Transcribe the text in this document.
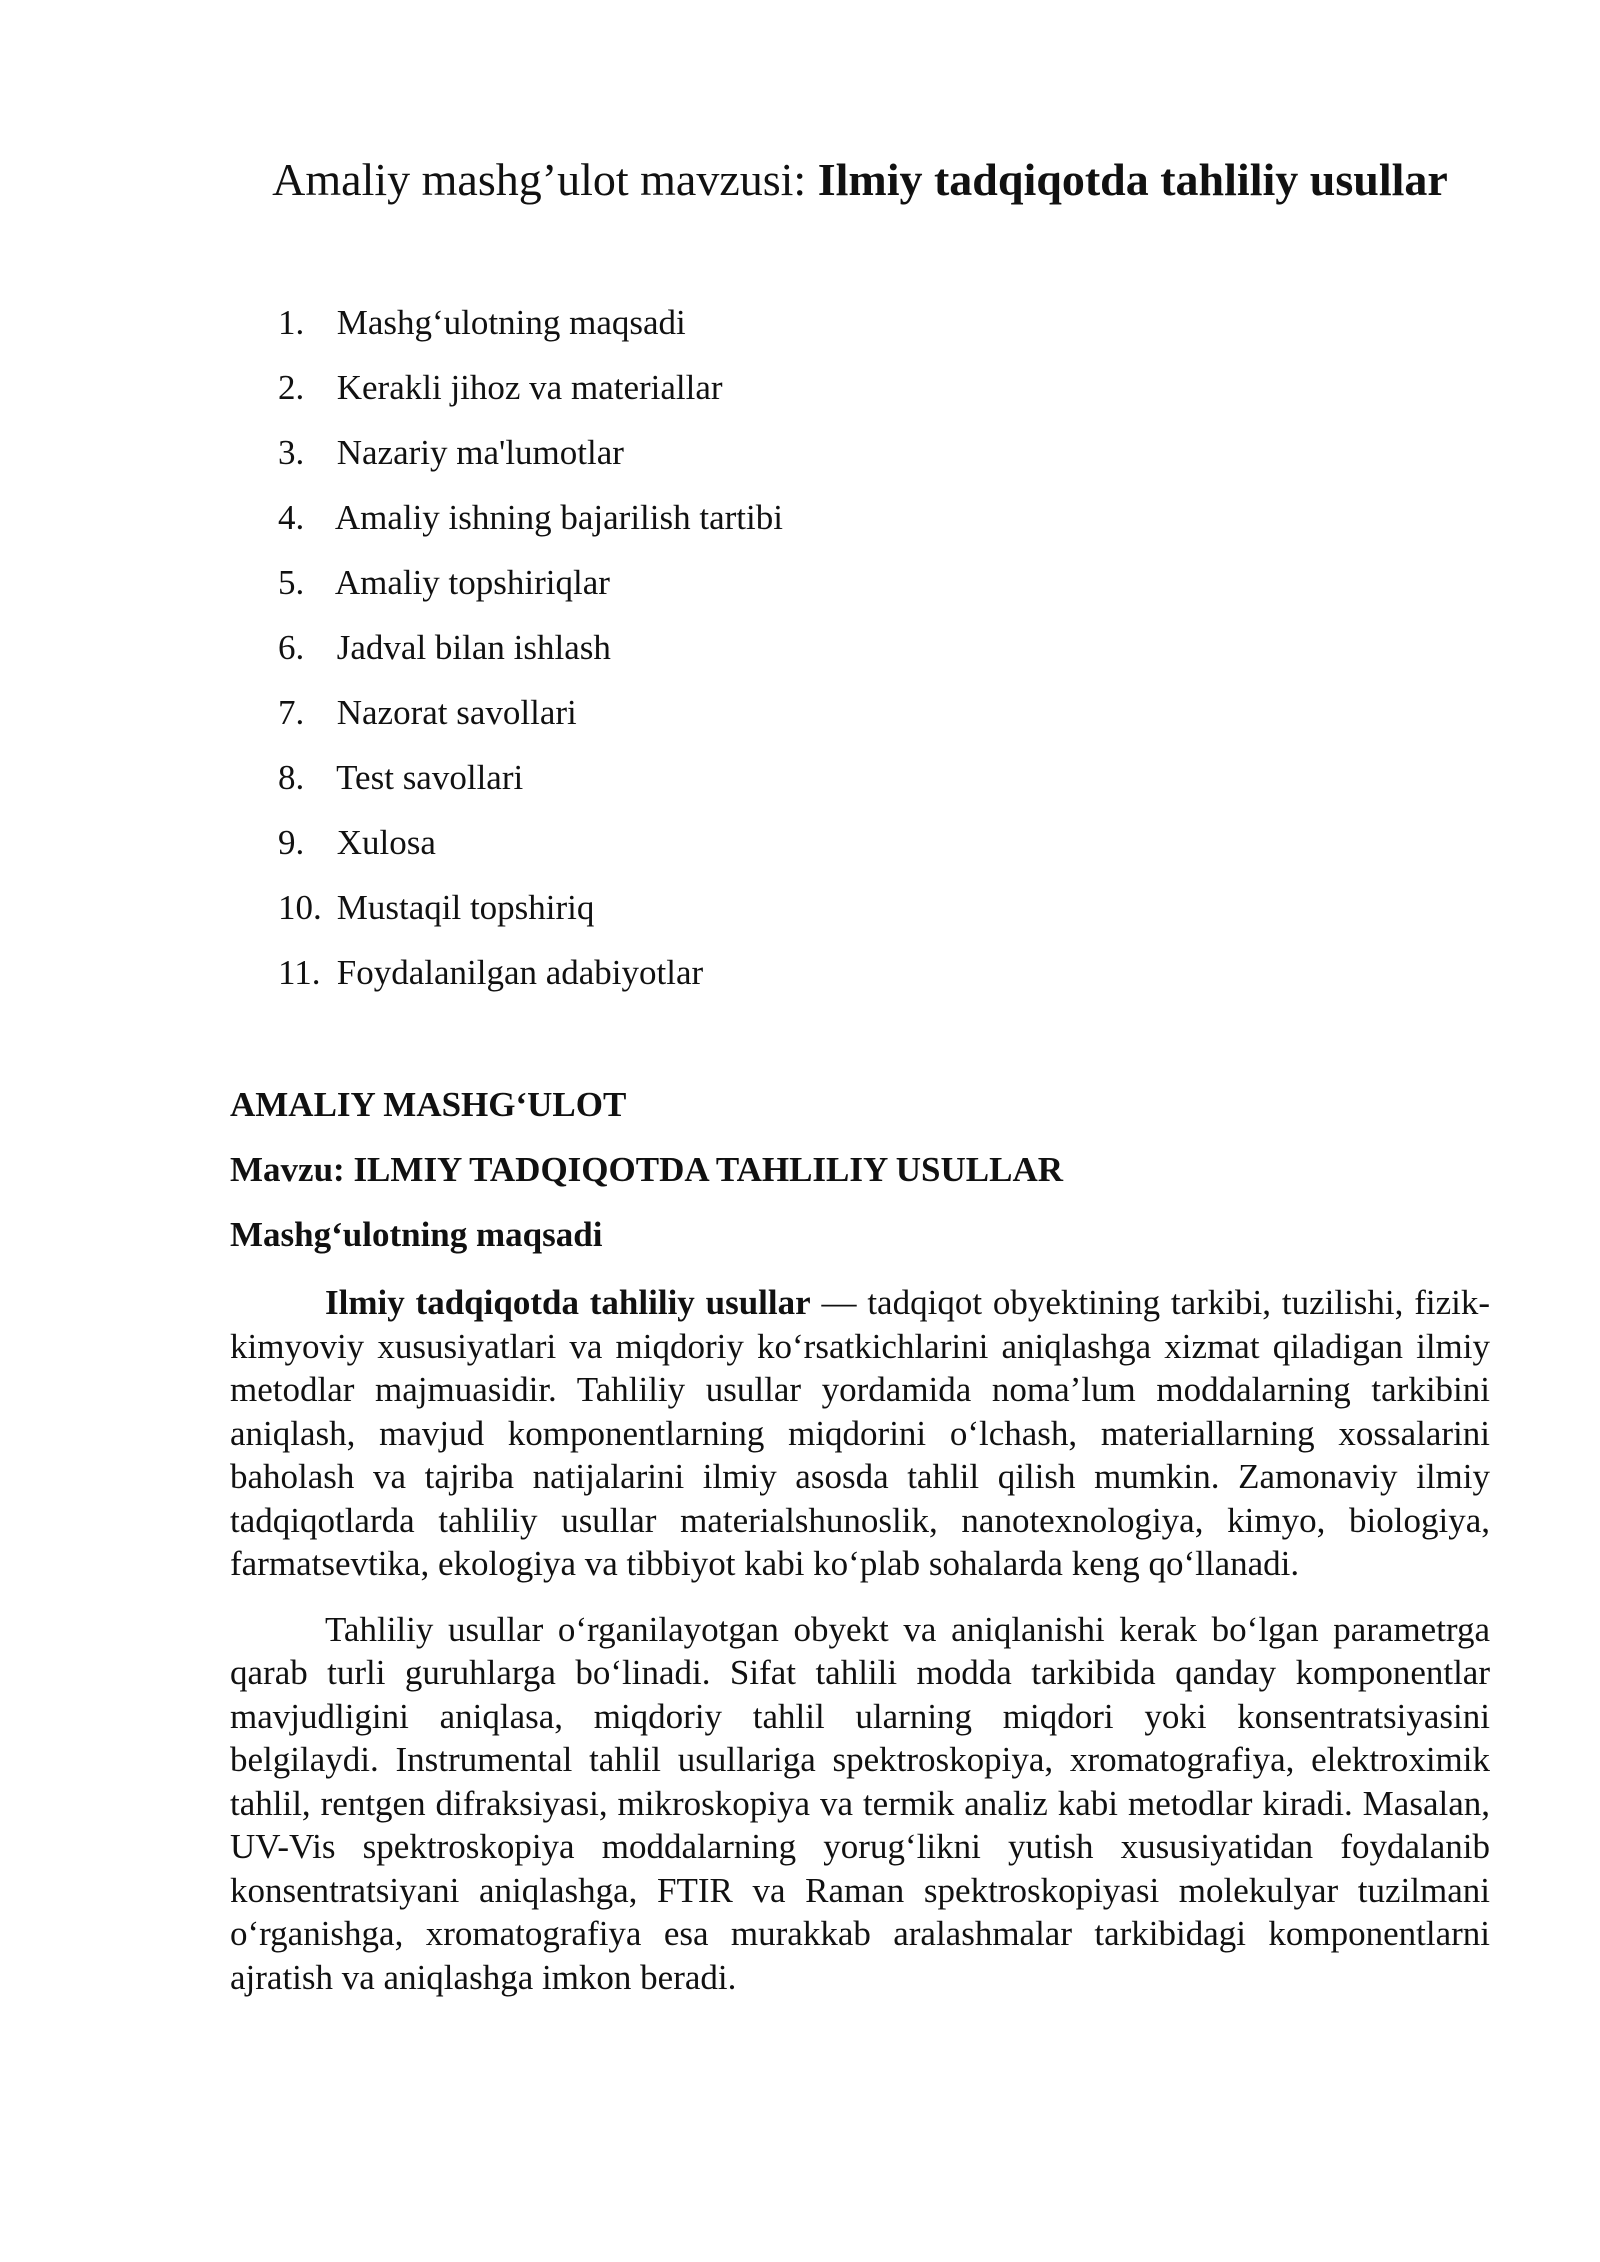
Amaliy mashg’ulot mavzusi: Ilmiy tadqiqotda tahliliy usullar
1. Mashg‘ulotning maqsadi
2. Kerakli jihoz va materiallar
3. Nazariy ma'lumotlar
4. Amaliy ishning bajarilish tartibi
5. Amaliy topshiriqlar
6. Jadval bilan ishlash
7. Nazorat savollari
8. Test savollari
9. Xulosa
10. Mustaqil topshiriq
11. Foydalanilgan adabiyotlar

AMALIY MASHG‘ULOT

Mavzu: ILMIY TADQIQOTDA TAHLILIY USULLAR

Mashg‘ulotning maqsadi

Ilmiy tadqiqotda tahliliy usullar — tadqiqot obyektining tarkibi, tuzilishi, fizik-kimyoviy xususiyatlari va miqdoriy ko‘rsatkichlarini aniqlashga xizmat qiladigan ilmiy metodlar majmuasidir. Tahliliy usullar yordamida noma’lum moddalarning tarkibini aniqlash, mavjud komponentlarning miqdorini o‘lchash, materiallarning xossalarini baholash va tajriba natijalarini ilmiy asosda tahlil qilish mumkin. Zamonaviy ilmiy tadqiqotlarda tahliliy usullar materialshunoslik, nanotexnologiya, kimyo, biologiya, farmatsevtika, ekologiya va tibbiyot kabi ko‘plab sohalarda keng qo‘llanadi.

Tahliliy usullar o‘rganilayotgan obyekt va aniqlanishi kerak bo‘lgan parametrga qarab turli guruhlarga bo‘linadi. Sifat tahlili modda tarkibida qanday komponentlar mavjudligini aniqlasa, miqdoriy tahlil ularning miqdori yoki konsentratsiyasini belgilaydi. Instrumental tahlil usullariga spektroskopiya, xromatografiya, elektroximik tahlil, rentgen difraksiyasi, mikroskopiya va termik analiz kabi metodlar kiradi. Masalan, UV-Vis spektroskopiya moddalarning yorug‘likni yutish xususiyatidan foydalanib konsentratsiyani aniqlashga, FTIR va Raman spektroskopiyasi molekulyar tuzilmani o‘rganishga, xromatografiya esa murakkab aralashmalar tarkibidagi komponentlarni ajratish va aniqlashga imkon beradi.
